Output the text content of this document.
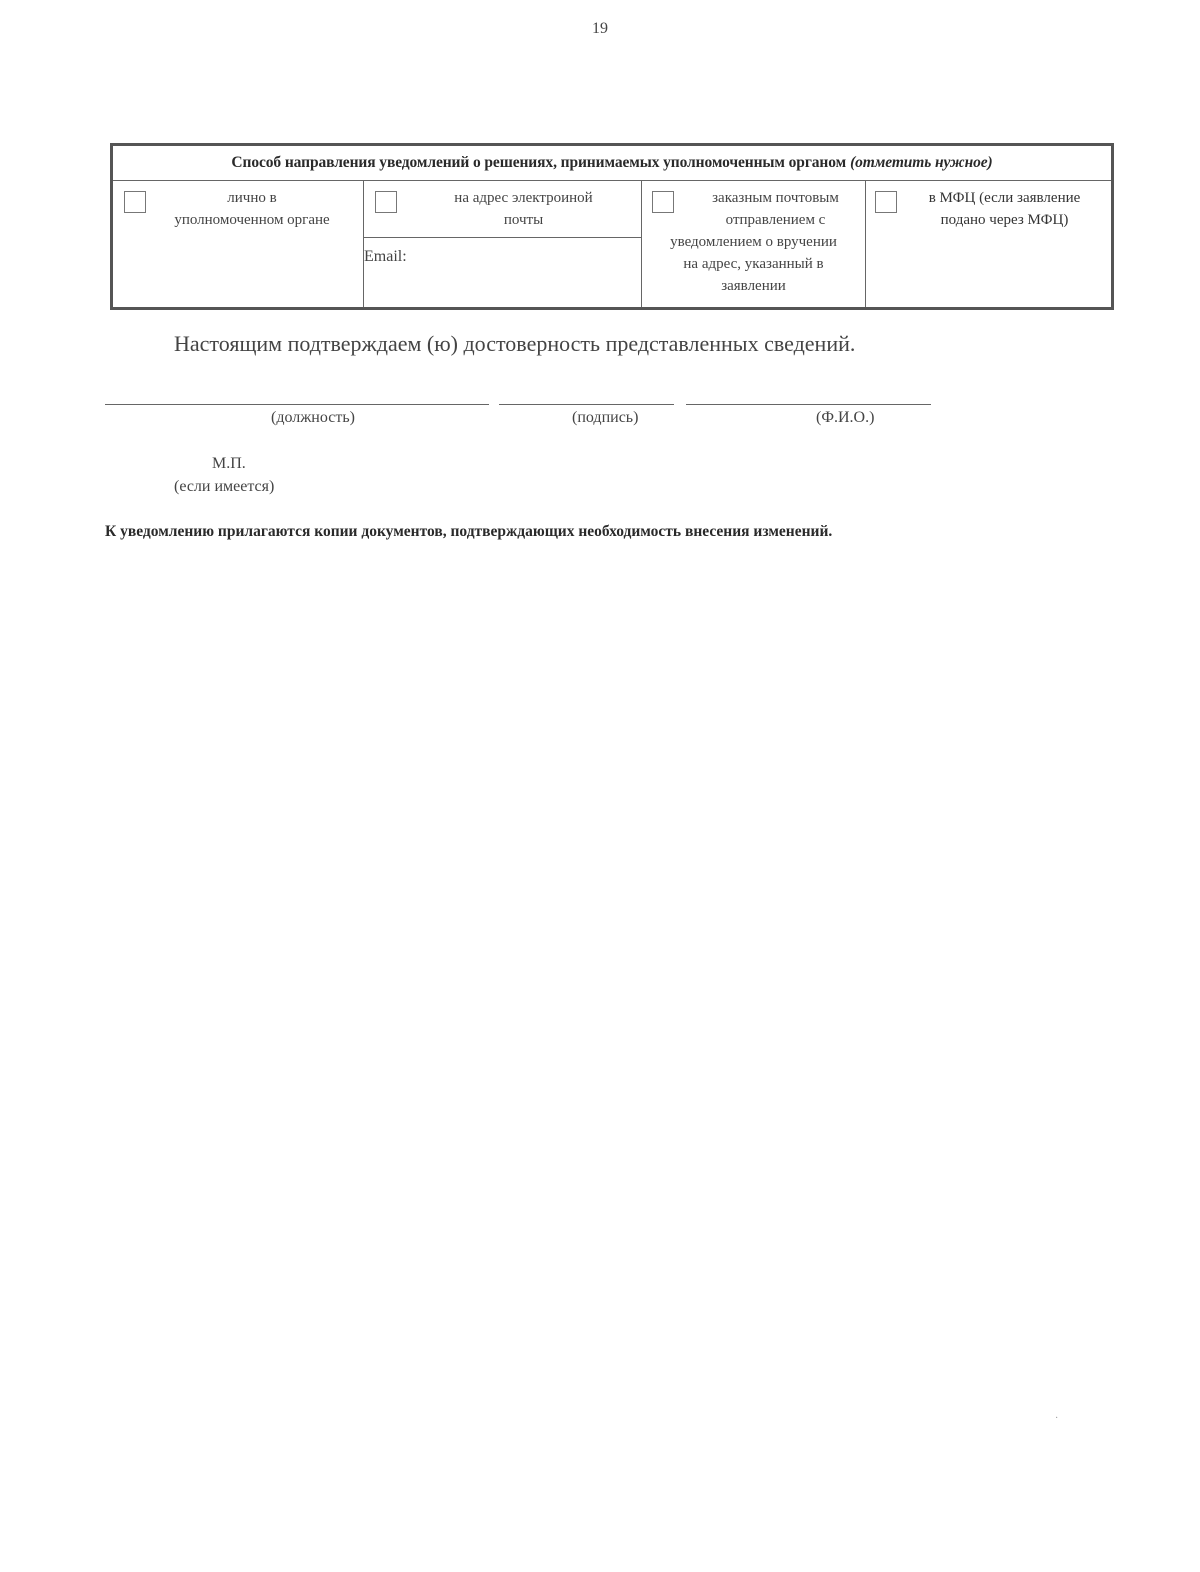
19
Способ направления уведомлений о решениях, принимаемых уполномоченным органом (отметить нужное)
лично в
уполномоченном органе
на адрес электроиной
почты
Email:
заказным почтовым
отправлением с
уведомлением о вручении
на адрес, указанный в
заявлении
в МФЦ (если заявление
подано через МФЦ)
Настоящим подтверждаем (ю) достоверность представленных сведений.
(должность)	(подпись)	(Ф.И.О.)
М.П.
(если имеется)
К уведомлению прилагаются копии документов, подтверждающих необходимость внесения изменений.
·
